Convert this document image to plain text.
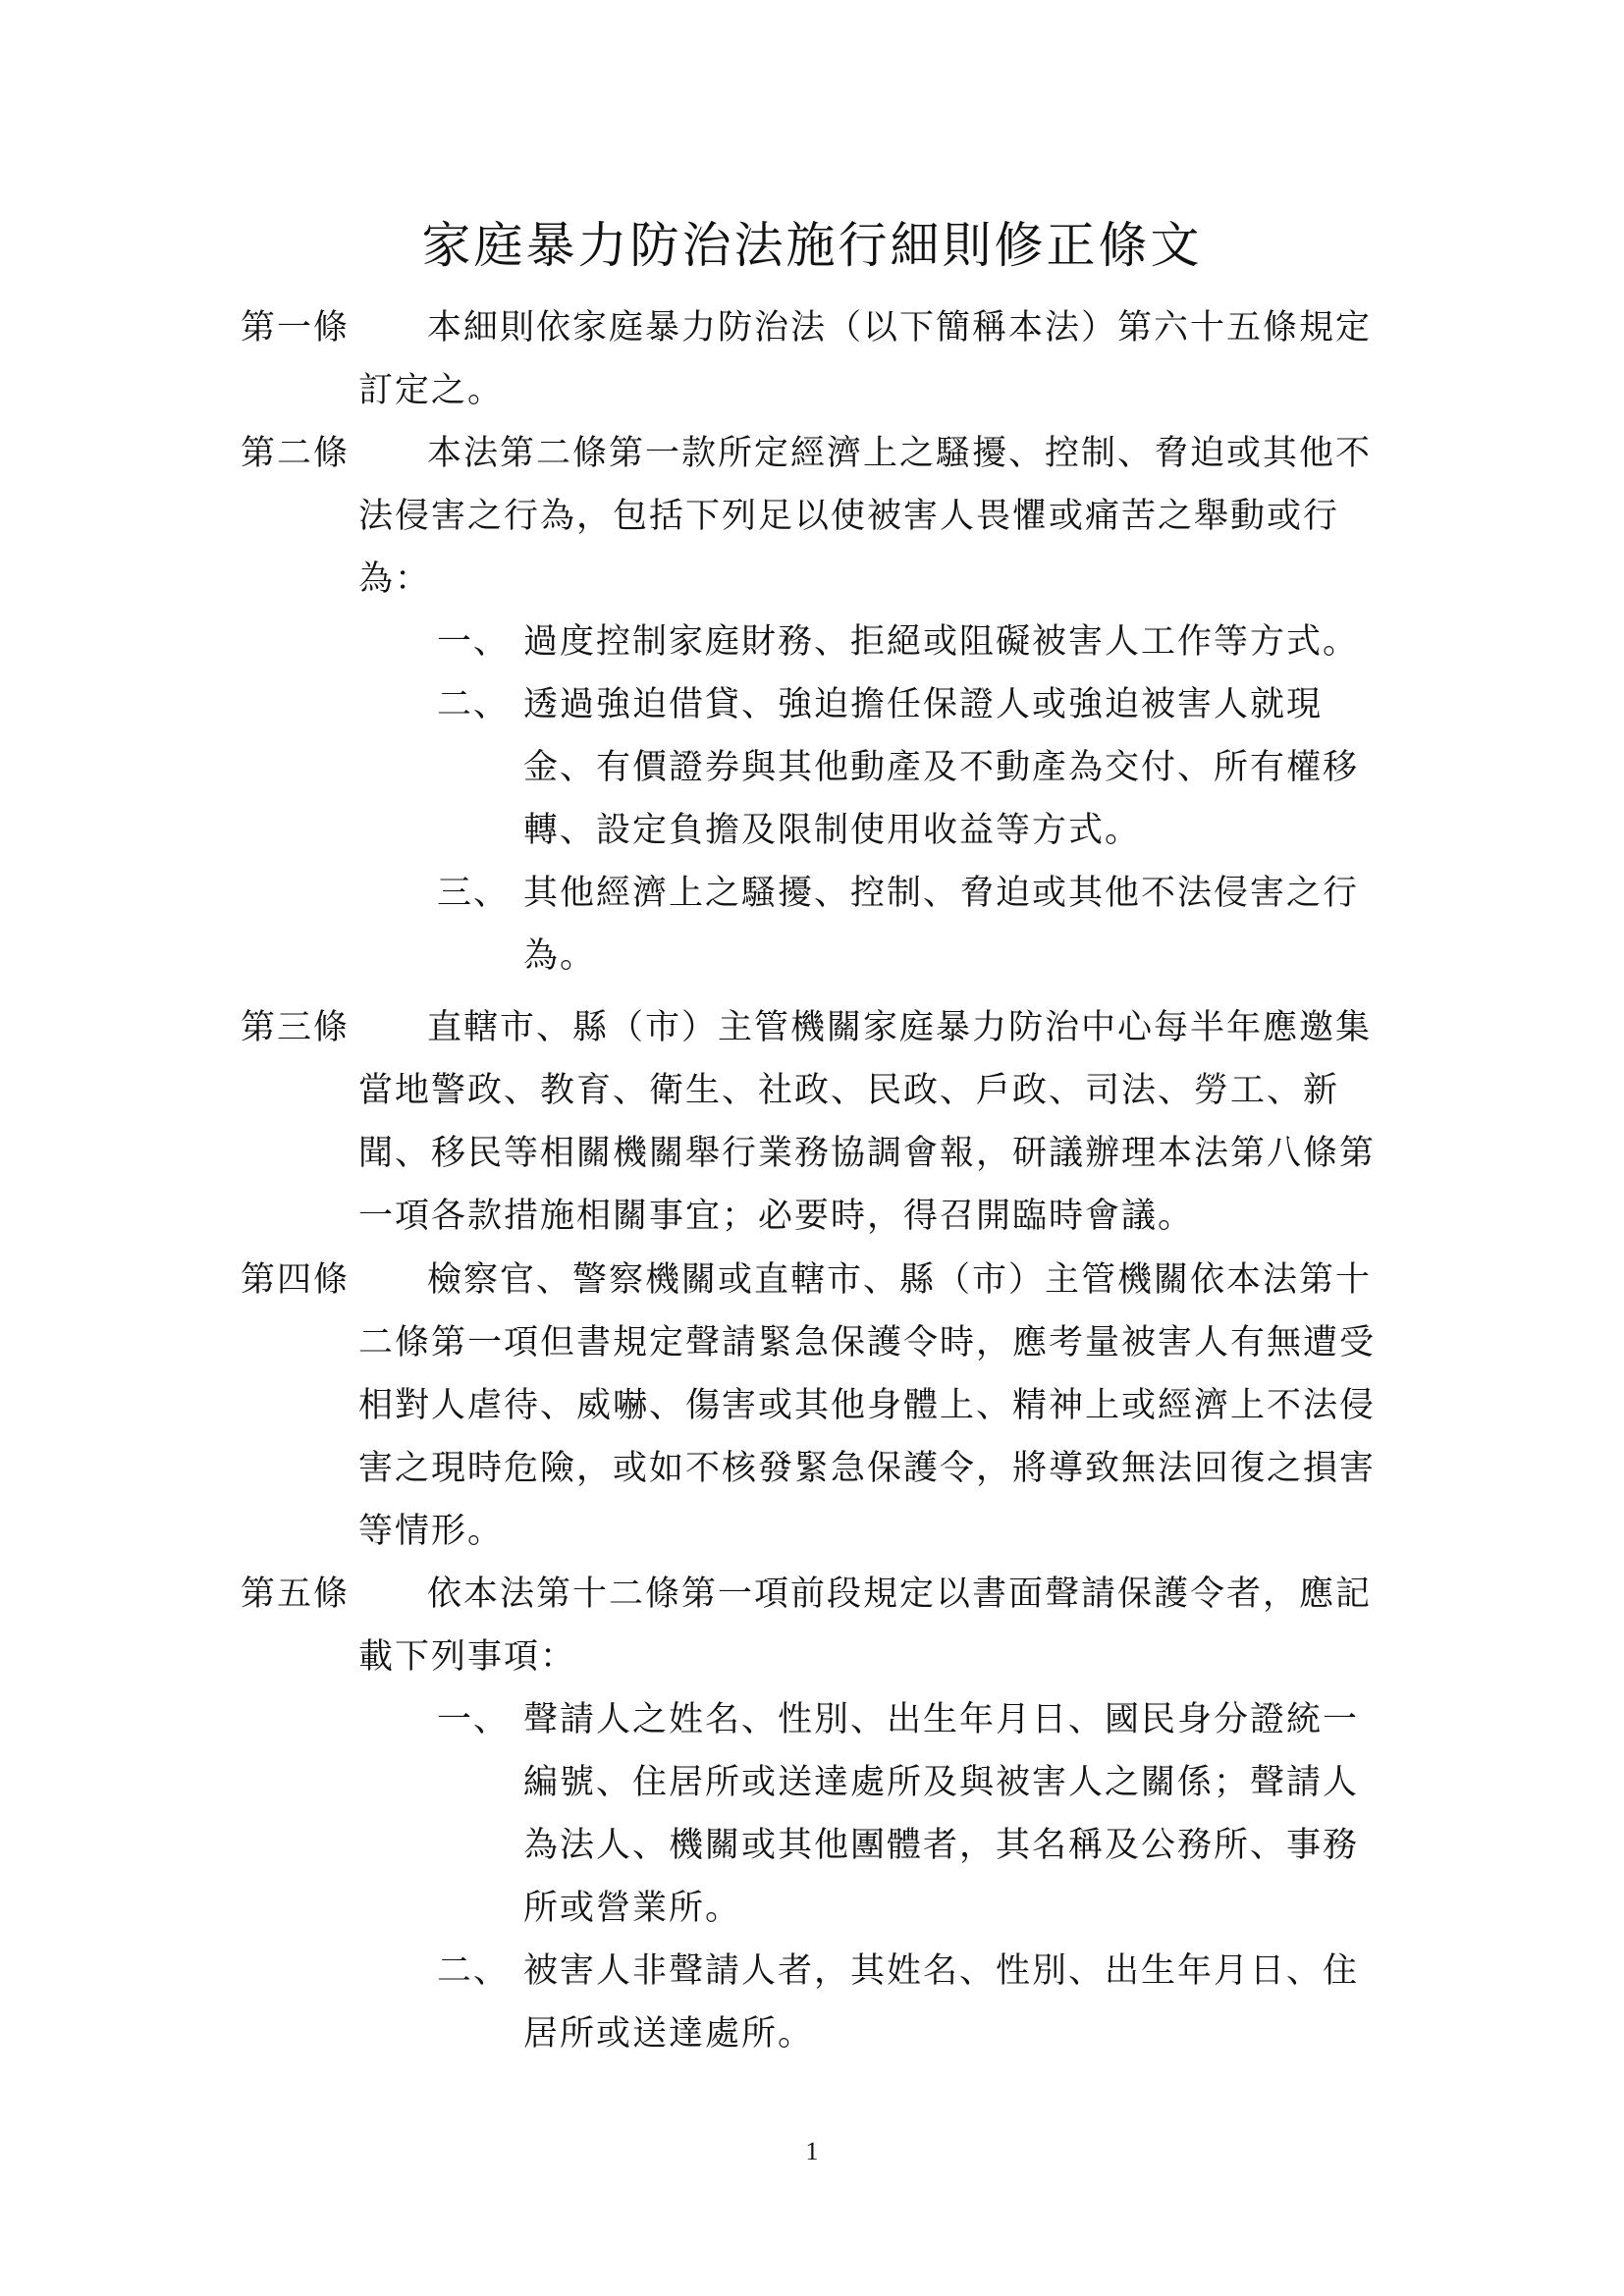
家庭暴力防治法施行細則修正條文
第一條	本細則依家庭暴力防治法（以下簡稱本法）第六十五條規定訂定之。
第二條	本法第二條第一款所定經濟上之騷擾、控制、脅迫或其他不法侵害之行為，包括下列足以使被害人畏懼或痛苦之舉動或行為：
一、 過度控制家庭財務、拒絕或阻礙被害人工作等方式。
二、 透過強迫借貸、強迫擔任保證人或強迫被害人就現金、有價證券與其他動產及不動產為交付、所有權移轉、設定負擔及限制使用收益等方式。
三、 其他經濟上之騷擾、控制、脅迫或其他不法侵害之行為。
第三條	直轄市、縣（市）主管機關家庭暴力防治中心每半年應邀集當地警政、教育、衛生、社政、民政、戶政、司法、勞工、新聞、移民等相關機關舉行業務協調會報，研議辦理本法第八條第一項各款措施相關事宜；必要時，得召開臨時會議。
第四條	檢察官、警察機關或直轄市、縣（市）主管機關依本法第十二條第一項但書規定聲請緊急保護令時，應考量被害人有無遭受相對人虐待、威嚇、傷害或其他身體上、精神上或經濟上不法侵害之現時危險，或如不核發緊急保護令，將導致無法回復之損害等情形。
第五條	依本法第十二條第一項前段規定以書面聲請保護令者，應記載下列事項：
一、 聲請人之姓名、性別、出生年月日、國民身分證統一編號、住居所或送達處所及與被害人之關係；聲請人為法人、機關或其他團體者，其名稱及公務所、事務所或營業所。
二、 被害人非聲請人者，其姓名、性別、出生年月日、住居所或送達處所。
1
